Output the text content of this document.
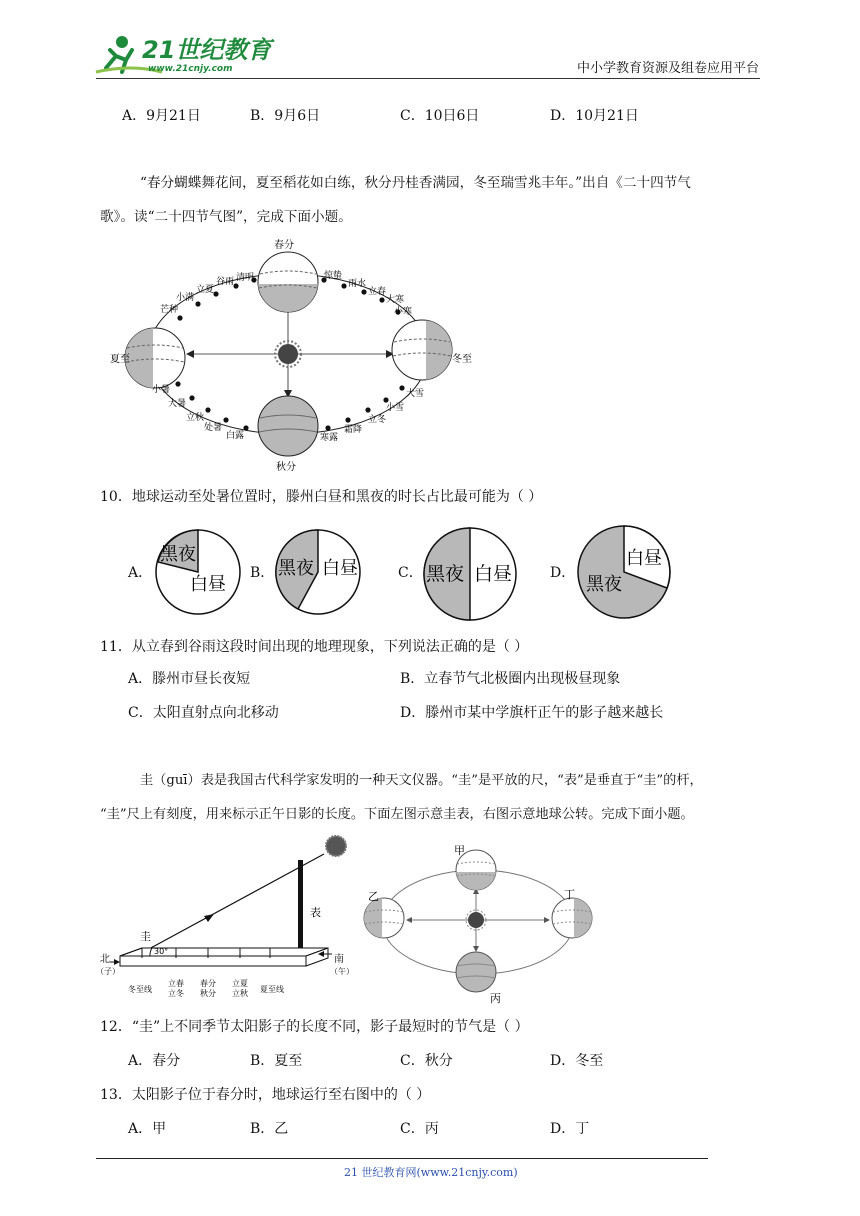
21世纪教育
www.21cnjy.com	中小学教育资源及组卷应用平台
A．9月21日	B．9月6日	C．10日6日	D．10月21日
“春分蝴蝶舞花间，夏至稻花如白练，秋分丹桂香满园，冬至瑞雪兆丰年。”出自《二十四节气
歌》。读“二十四节气图”，完成下面小题。
春分
夏至	冬至
秋分
芒种
小满
立夏
谷雨 清明	惊蛰
雨水
立春
大寒
小寒
小暑
大暑
立秋
处暑
白露
大雪
小雪
立冬
霜降
寒露
10．地球运动至处暑位置时，滕州白昼和黑夜的时长占比最可能为（ ）
A．
黑夜
白昼
B． 黑夜 白昼	C． 黑夜 白昼	D．
白昼
黑夜
11．从立春到谷雨这段时间出现的地理现象，下列说法正确的是（ ）
A．滕州市昼长夜短	B．立春节气北极圈内出现极昼现象
C．太阳直射点向北移动	D．滕州市某中学旗杆正午的影子越来越长
圭（guī）表是我国古代科学家发明的一种天文仪器。“圭”是平放的尺，“表”是垂直于“圭”的杆，
“圭”尺上有刻度，用来标示正午日影的长度。下面左图示意圭表，右图示意地球公转。完成下面小题。
30°
圭
表
北
（子）
南
（午）
冬至线
立春
立冬
春分
秋分
立夏
立秋 夏至线
甲
乙
丙
丁
12．“圭”上不同季节太阳影子的长度不同，影子最短时的节气是（ ）
A．春分	B．夏至	C．秋分	D．冬至
13．太阳影子位于春分时，地球运行至右图中的（ ）
A．甲	B．乙	C．丙	D．丁
21 世纪教育网(www.21cnjy.com)
